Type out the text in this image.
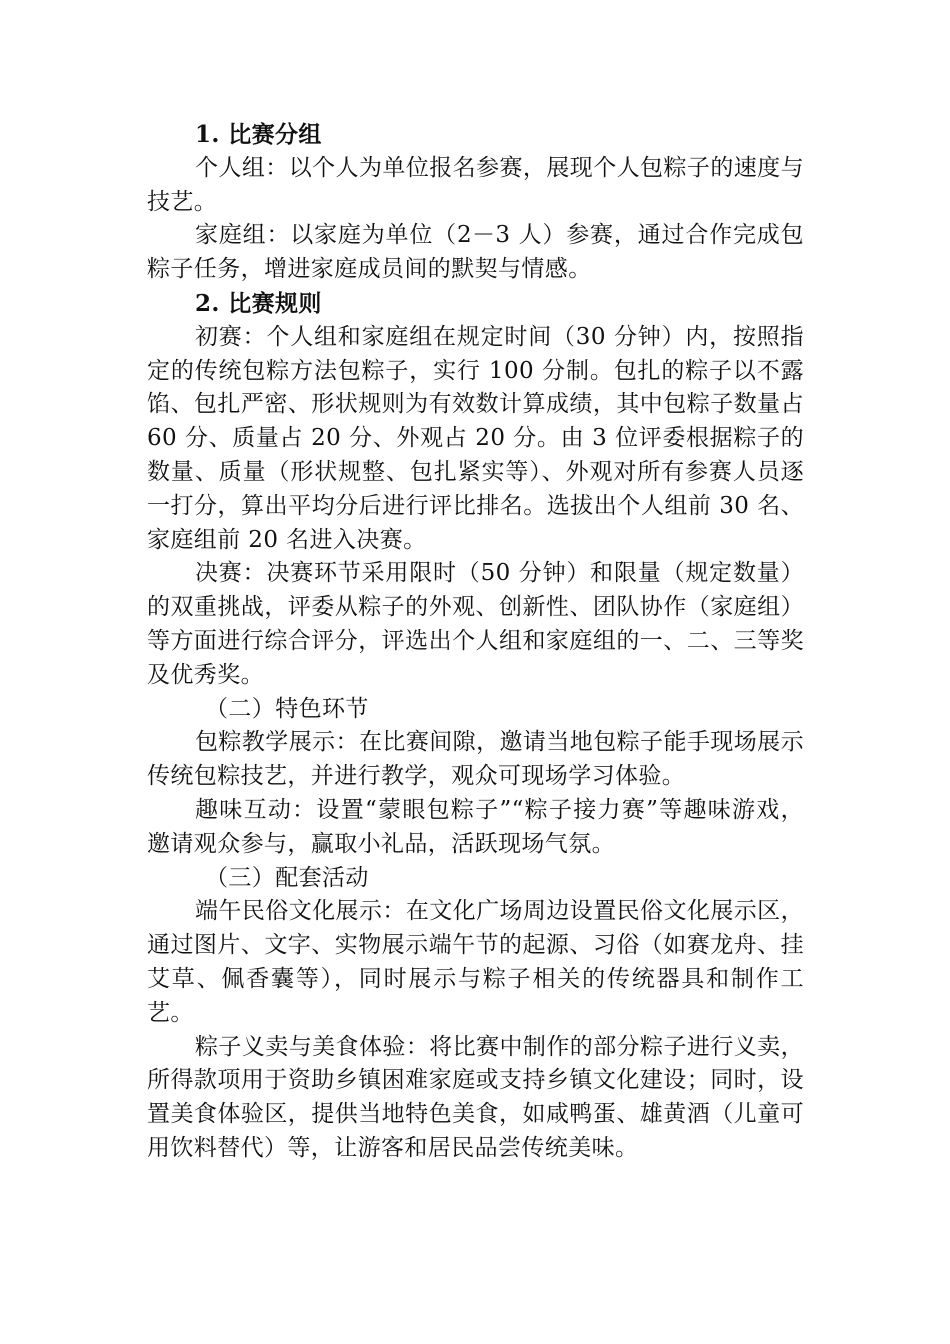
1. 比赛分组

个人组：以个人为单位报名参赛，展现个人包粽子的速度与技艺。

家庭组：以家庭为单位（2－3 人）参赛，通过合作完成包粽子任务，增进家庭成员间的默契与情感。

2. 比赛规则

初赛：个人组和家庭组在规定时间（30 分钟）内，按照指定的传统包粽方法包粽子，实行 100 分制。包扎的粽子以不露馅、包扎严密、形状规则为有效数计算成绩，其中包粽子数量占 60 分、质量占 20 分、外观占 20 分。由 3 位评委根据粽子的数量、质量（形状规整、包扎紧实等）、外观对所有参赛人员逐一打分，算出平均分后进行评比排名。选拔出个人组前 30 名、家庭组前 20 名进入决赛。

决赛：决赛环节采用限时（50 分钟）和限量（规定数量）的双重挑战，评委从粽子的外观、创新性、团队协作（家庭组）等方面进行综合评分，评选出个人组和家庭组的一、二、三等奖及优秀奖。

（二）特色环节

包粽教学展示：在比赛间隙，邀请当地包粽子能手现场展示传统包粽技艺，并进行教学，观众可现场学习体验。

趣味互动：设置“蒙眼包粽子”“粽子接力赛”等趣味游戏，邀请观众参与，赢取小礼品，活跃现场气氛。

（三）配套活动

端午民俗文化展示：在文化广场周边设置民俗文化展示区，通过图片、文字、实物展示端午节的起源、习俗（如赛龙舟、挂艾草、佩香囊等），同时展示与粽子相关的传统器具和制作工艺。

粽子义卖与美食体验：将比赛中制作的部分粽子进行义卖，所得款项用于资助乡镇困难家庭或支持乡镇文化建设；同时，设置美食体验区，提供当地特色美食，如咸鸭蛋、雄黄酒（儿童可用饮料替代）等，让游客和居民品尝传统美味。
